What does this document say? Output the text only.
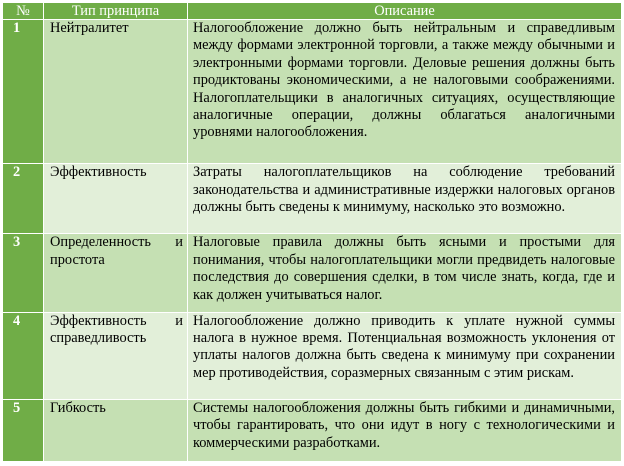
№	Тип принципа	Описание
1	Нейтралитет	Налогообложение должно быть нейтральным и справедливым между формами электронной торговли, а также между обычными и электронными формами торговли. Деловые решения должны быть продиктованы экономическими, а не налоговыми соображениями. Налогоплательщики в аналогичных ситуациях, осуществляющие аналогичные операции, должны облагаться аналогичными уровнями налогообложения.
2	Эффективность	Затраты налогоплательщиков на соблюдение требований законодательства и административные издержки налоговых органов должны быть сведены к минимуму, насколько это возможно.
3	Определенность и простота	Налоговые правила должны быть ясными и простыми для понимания, чтобы налогоплательщики могли предвидеть налоговые последствия до совершения сделки, в том числе знать, когда, где и как должен учитываться налог.
4	Эффективность и справедливость	Налогообложение должно приводить к уплате нужной суммы налога в нужное время. Потенциальная возможность уклонения от уплаты налогов должна быть сведена к минимуму при сохранении мер противодействия, соразмерных связанным с этим рискам.
5	Гибкость	Системы налогообложения должны быть гибкими и динамичными, чтобы гарантировать, что они идут в ногу с технологическими и коммерческими разработками.
